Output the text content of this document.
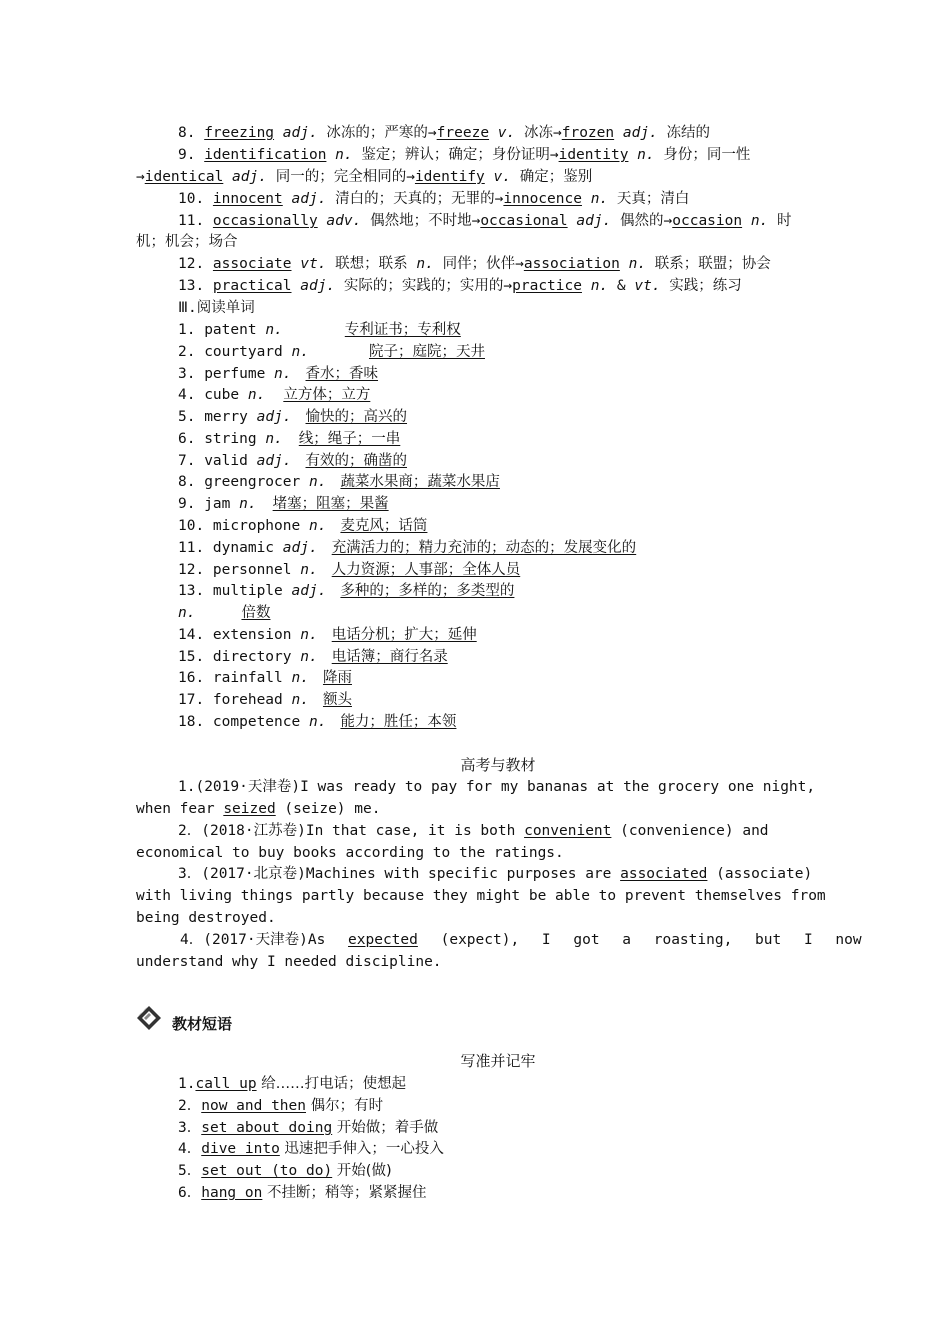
8. freezing adj. 冰冻的；严寒的→freeze v. 冰冻→frozen adj. 冻结的
9. identification n. 鉴定；辨认；确定；身份证明→identity n. 身份；同一性
→identical adj. 同一的；完全相同的→identify v. 确定；鉴别
10. innocent adj. 清白的；天真的；无罪的→innocence n. 天真；清白
11. occasionally adv. 偶然地；不时地→occasional adj. 偶然的→occasion n. 时
机；机会；场合
12. associate vt. 联想；联系 n. 同伴；伙伴→association n. 联系；联盟；协会
13. practical adj. 实际的；实践的；实用的→practice n. & vt. 实践；练习
Ⅲ.阅读单词
1. patent n.	专利证书；专利权
2. courtyard n.	院子；庭院；天井
3. perfume n. 香水；香味
4. cube n. 立方体；立方
5. merry adj. 愉快的；高兴的
6. string n. 线；绳子；一串
7. valid adj. 有效的；确凿的
8. greengrocer n. 蔬菜水果商；蔬菜水果店
9. jam n. 堵塞；阻塞；果酱
10. microphone n. 麦克风；话筒
11. dynamic adj. 充满活力的；精力充沛的；动态的；发展变化的
12. personnel n. 人力资源；人事部；全体人员
13. multiple adj. 多种的；多样的；多类型的
n.	倍数
14. extension n. 电话分机；扩大；延伸
15. directory n. 电话簿；商行名录
16. rainfall n. 降雨
17. forehead n. 额头
18. competence n. 能力；胜任；本领
高考与教材
1.(2019·天津卷)I was ready to pay for my bananas at the grocery one night,
when fear seized (seize) me.
2．(2018·江苏卷)In that case, it is both convenient (convenience) and
economical to buy books according to the ratings.
3．(2017·北京卷)Machines with specific purposes are associated (associate)
with living things partly because they might be able to prevent themselves from
being destroyed.
4．(2017·天津卷)As expected (expect), I got a roasting, but I now
understand why I needed discipline.
教材短语
写准并记牢
1.call up 给……打电话；使想起
2．now and then 偶尔；有时
3．set about doing 开始做；着手做
4．dive into 迅速把手伸入；一心投入
5．set out (to do) 开始(做)
6．hang on 不挂断；稍等；紧紧握住
